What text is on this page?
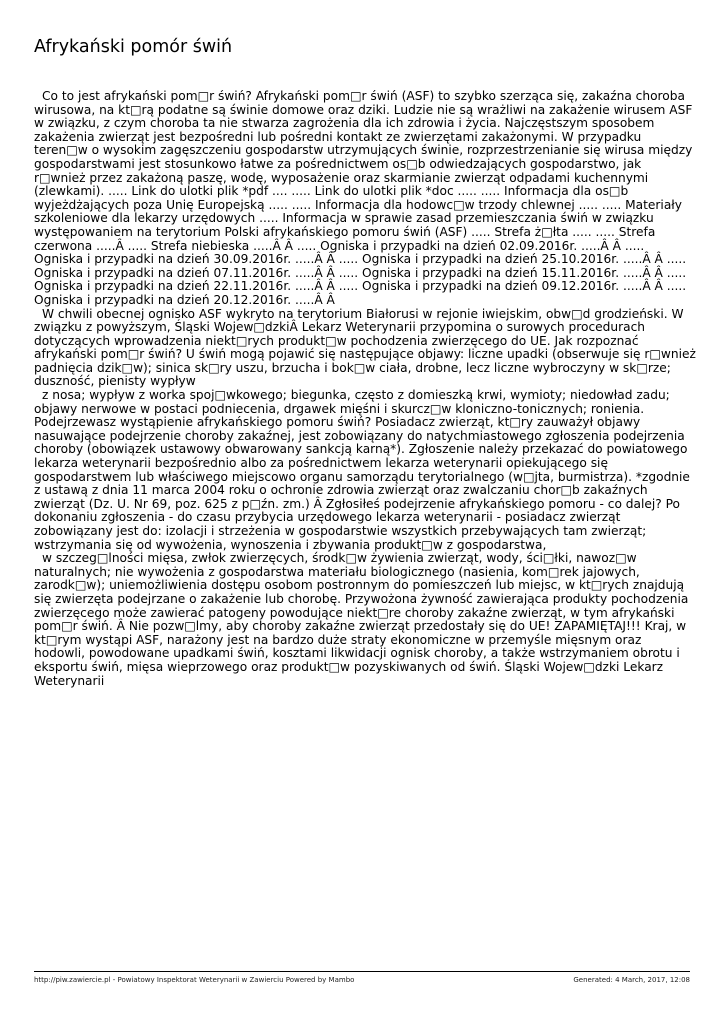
Afrykański pomór świń

Co to jest afrykański pom□r świń? Afrykański pom□r świń (ASF) to szybko szerząca się, zakaźna choroba wirusowa, na kt□rą podatne są świnie domowe oraz dziki. Ludzie nie są wrażliwi na zakażenie wirusem ASF w związku, z czym choroba ta nie stwarza zagrożenia dla ich zdrowia i życia. Najczęstszym sposobem zakażenia zwierząt jest bezpośredni lub pośredni kontakt ze zwierzętami zakażonymi. W przypadku teren□w o wysokim zagęszczeniu gospodarstw utrzymujących świnie, rozprzestrzenianie się wirusa między gospodarstwami jest stosunkowo łatwe za pośrednictwem os□b odwiedzających gospodarstwo, jak r□wnież przez zakażoną paszę, wodę, wyposażenie oraz skarmianie zwierząt odpadami kuchennymi (zlewkami). ..... Link do ulotki plik *pdf .... ..... Link do ulotki plik *doc ..... ..... Informacja dla os□b wyjeżdżających poza Unię Europejską ..... ..... Informacja dla hodowc□w trzody chlewnej ..... ..... Materiały szkoleniowe dla lekarzy urzędowych ..... Informacja w sprawie zasad przemieszczania świń w związku występowaniem na terytorium Polski afrykańskiego pomoru świń (ASF) ..... Strefa ż□łta ..... ..... Strefa czerwona .....Â ..... Strefa niebieska .....Â Â ..... Ogniska i przypadki na dzień 02.09.2016r. .....Â Â ..... Ogniska i przypadki na dzień 30.09.2016r. .....Â Â ..... Ogniska i przypadki na dzień 25.10.2016r. .....Â Â ..... Ogniska i przypadki na dzień 07.11.2016r. .....Â Â ..... Ogniska i przypadki na dzień 15.11.2016r. .....Â Â ..... Ogniska i przypadki na dzień 22.11.2016r. .....Â Â ..... Ogniska i przypadki na dzień 09.12.2016r. .....Â Â ..... Ogniska i przypadki na dzień 20.12.2016r. .....Â Â

W chwili obecnej ognisko ASF wykryto na terytorium Białorusi w rejonie iwiejskim, obw□d grodzieński. W związku z powyższym, Śląski Wojew□dzkiÂ Lekarz Weterynarii przypomina o surowych procedurach dotyczących wprowadzenia niekt□rych produkt□w pochodzenia zwierzęcego do UE. Jak rozpoznać afrykański pom□r świń? U świń mogą pojawić się następujące objawy: liczne upadki (obserwuje się r□wnież padnięcia dzik□w); sinica sk□ry uszu, brzucha i bok□w ciała, drobne, lecz liczne wybroczyny w sk□rze; duszność, pienisty wypływ

z nosa; wypływ z worka spoj□wkowego; biegunka, często z domieszką krwi, wymioty; niedowład zadu; objawy nerwowe w postaci podniecenia, drgawek mięśni i skurcz□w kloniczno-tonicznych; ronienia. Podejrzewasz wystąpienie afrykańskiego pomoru świń? Posiadacz zwierząt, kt□ry zauważył objawy nasuwające podejrzenie choroby zakaźnej, jest zobowiązany do natychmiastowego zgłoszenia podejrzenia choroby (obowiązek ustawowy obwarowany sankcją karną*). Zgłoszenie należy przekazać do powiatowego lekarza weterynarii bezpośrednio albo za pośrednictwem lekarza weterynarii opiekującego się gospodarstwem lub właściwego miejscowo organu samorządu terytorialnego (w□jta, burmistrza). *zgodnie z ustawą z dnia 11 marca 2004 roku o ochronie zdrowia zwierząt oraz zwalczaniu chor□b zakaźnych zwierząt (Dz. U. Nr 69, poz. 625 z p□źn. zm.) Â Zgłosiłeś podejrzenie afrykańskiego pomoru - co dalej? Po dokonaniu zgłoszenia - do czasu przybycia urzędowego lekarza weterynarii - posiadacz zwierząt zobowiązany jest do: izolacji i strzeżenia w gospodarstwie wszystkich przebywających tam zwierząt; wstrzymania się od wywożenia, wynoszenia i zbywania produkt□w z gospodarstwa,

w szczeg□lności mięsa, zwłok zwierzęcych, środk□w żywienia zwierząt, wody, ści□łki, nawoz□w naturalnych; nie wywożenia z gospodarstwa materiału biologicznego (nasienia, kom□rek jajowych, zarodk□w); uniemożliwienia dostępu osobom postronnym do pomieszczeń lub miejsc, w kt□rych znajdują się zwierzęta podejrzane o zakażenie lub chorobę. Przywożona żywność zawierająca produkty pochodzenia zwierzęcego może zawierać patogeny powodujące niekt□re choroby zakaźne zwierząt, w tym afrykański pom□r świń. Â Nie pozw□lmy, aby choroby zakaźne zwierząt przedostały się do UE! ZAPAMIĘTAJ!!! Kraj, w kt□rym wystąpi ASF, narażony jest na bardzo duże straty ekonomiczne w przemyśle mięsnym oraz hodowli, powodowane upadkami świń, kosztami likwidacji ognisk choroby, a także wstrzymaniem obrotu i eksportu świń, mięsa wieprzowego oraz produkt□w pozyskiwanych od świń. Śląski Wojew□dzki Lekarz Weterynarii

http://piw.zawiercie.pl - Powiatowy Inspektorat Weterynarii w Zawierciu Powered by Mambo	Generated: 4 March, 2017, 12:08
